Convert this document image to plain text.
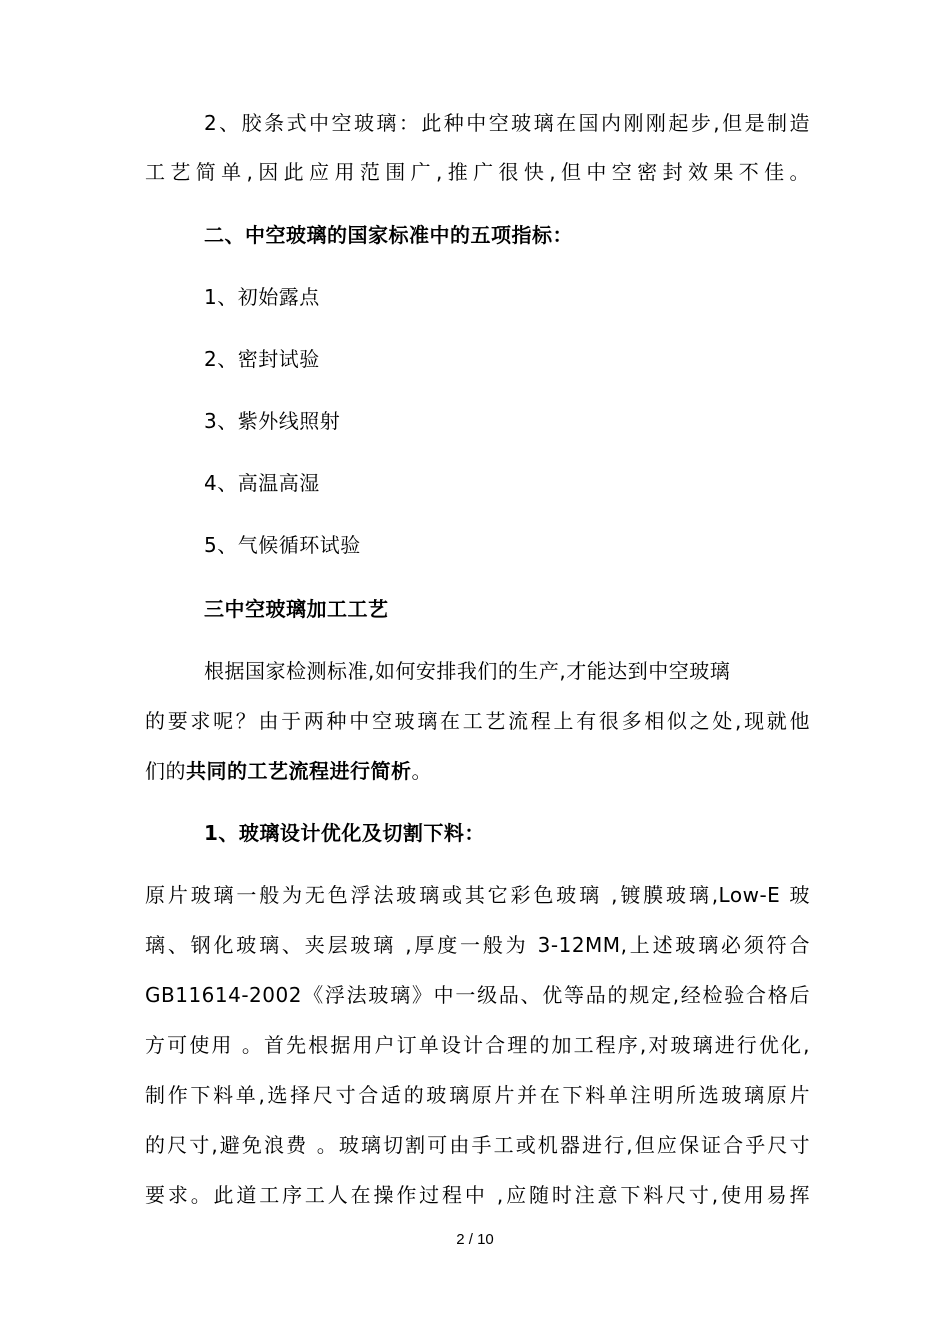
2、胶条式中空玻璃：此种中空玻璃在国内刚刚起步,但是制造
工艺简单,因此应用范围广,推广很快,但中空密封效果不佳。
二、中空玻璃的国家标准中的五项指标：
1、初始露点
2、密封试验
3、紫外线照射
4、高温高湿
5、气候循环试验
三中空玻璃加工工艺
根据国家检测标准,如何安排我们的生产,才能达到中空玻璃
的要求呢？由于两种中空玻璃在工艺流程上有很多相似之处,现就他
们的共同的工艺流程进行简析。
1、玻璃设计优化及切割下料：
原片玻璃一般为无色浮法玻璃或其它彩色玻璃 ,镀膜玻璃,Low-E 玻
璃、钢化玻璃、夹层玻璃 ,厚度一般为 3-12MM,上述玻璃必须符合
GB11614-2002《浮法玻璃》中一级品、优等品的规定,经检验合格后
方可使用 。首先根据用户订单设计合理的加工程序,对玻璃进行优化,
制作下料单,选择尺寸合适的玻璃原片并在下料单注明所选玻璃原片
的尺寸,避免浪费 。玻璃切割可由手工或机器进行,但应保证合乎尺寸
要求。此道工序工人在操作过程中 ,应随时注意下料尺寸,使用易挥
2 / 10
